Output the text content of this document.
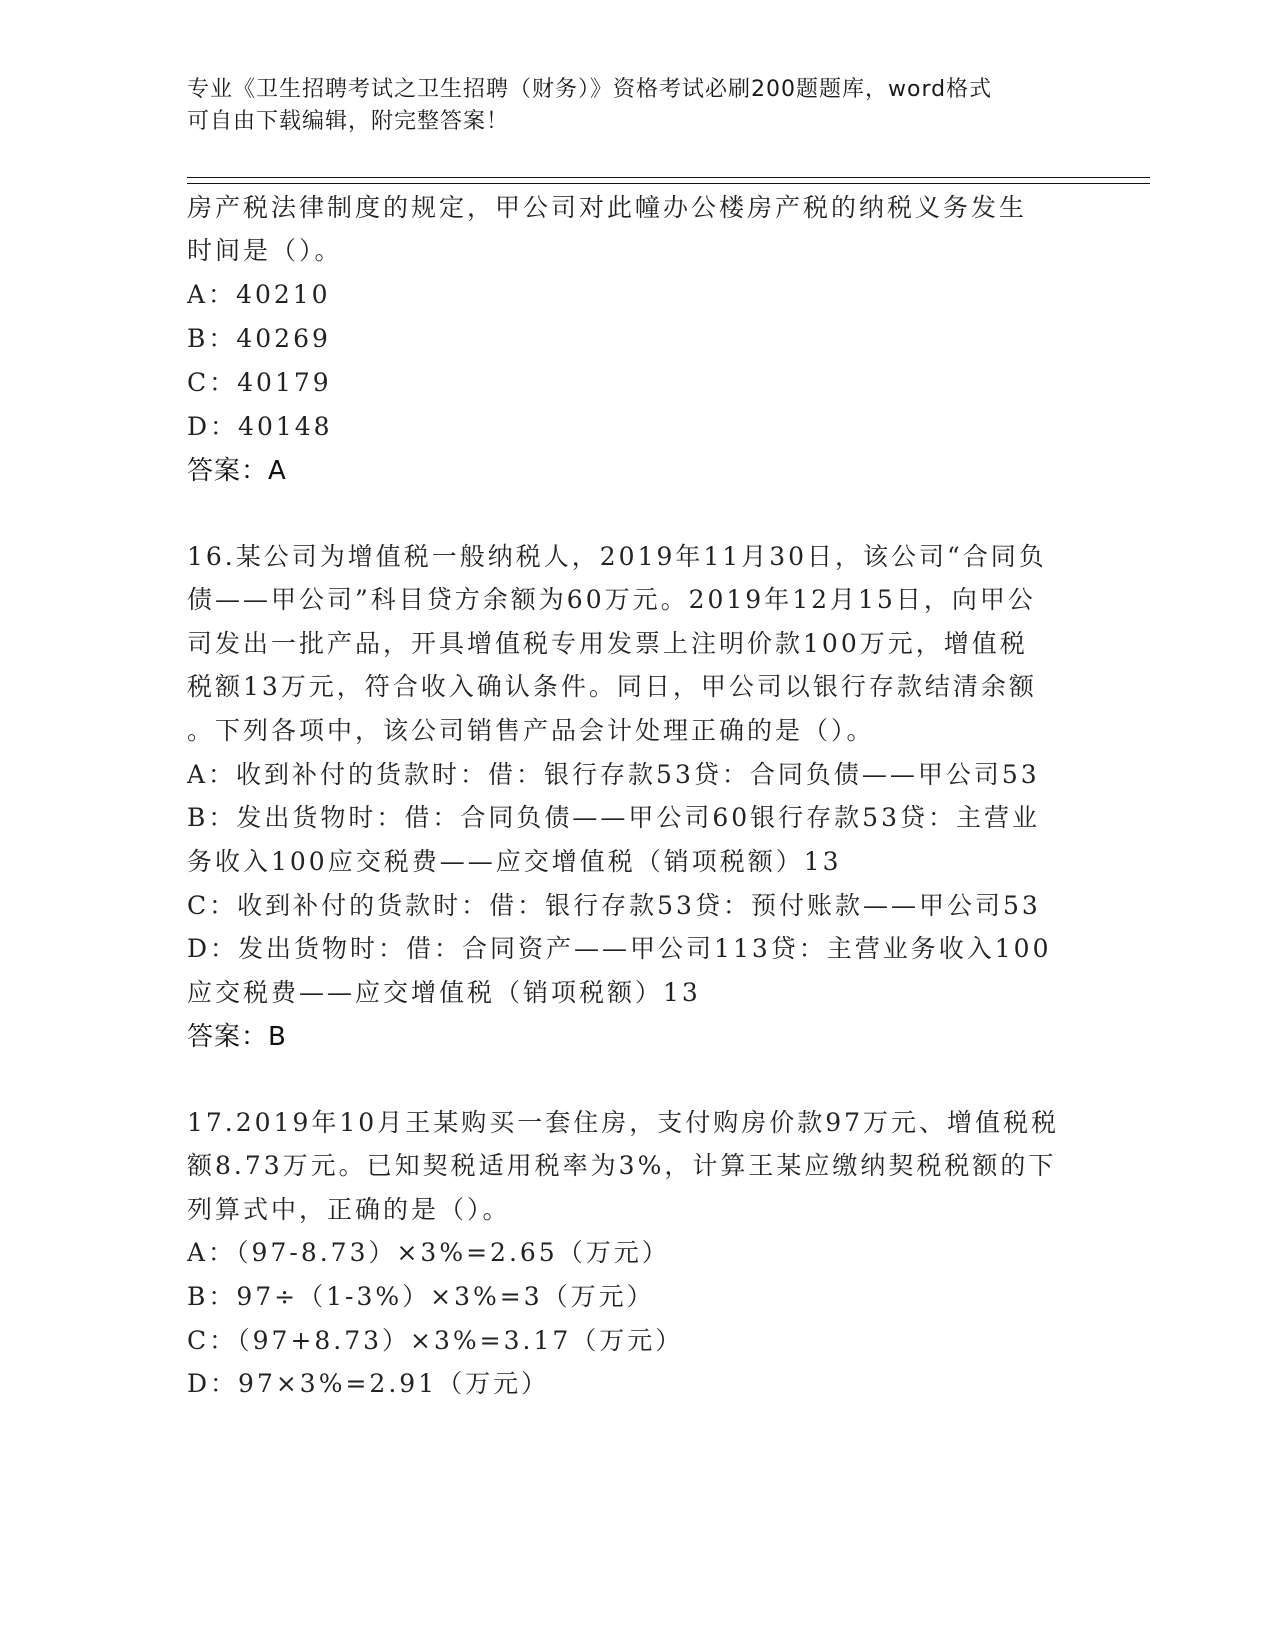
专业《卫生招聘考试之卫生招聘（财务）》资格考试必刷200题题库，word格式
可自由下载编辑，附完整答案！
房产税法律制度的规定，甲公司对此幢办公楼房产税的纳税义务发生
时间是（）。
A：40210
B：40269
C：40179
D：40148
答案：A
16.某公司为增值税一般纳税人，2019年11月30日，该公司“合同负
债——甲公司”科目贷方余额为60万元。2019年12月15日，向甲公
司发出一批产品，开具增值税专用发票上注明价款100万元，增值税
税额13万元，符合收入确认条件。同日，甲公司以银行存款结清余额
。下列各项中，该公司销售产品会计处理正确的是（）。
A：收到补付的货款时：借：银行存款53贷：合同负债——甲公司53
B：发出货物时：借：合同负债——甲公司60银行存款53贷：主营业
务收入100应交税费——应交增值税（销项税额）13
C：收到补付的货款时：借：银行存款53贷：预付账款——甲公司53
D：发出货物时：借：合同资产——甲公司113贷：主营业务收入100
应交税费——应交增值税（销项税额）13
答案：B
17.2019年10月王某购买一套住房，支付购房价款97万元、增值税税
额8.73万元。已知契税适用税率为3%，计算王某应缴纳契税税额的下
列算式中，正确的是（）。
A：（97-8.73）×3%=2.65（万元）
B：97÷（1-3%）×3%=3（万元）
C：（97+8.73）×3%=3.17（万元）
D：97×3%=2.91（万元）
